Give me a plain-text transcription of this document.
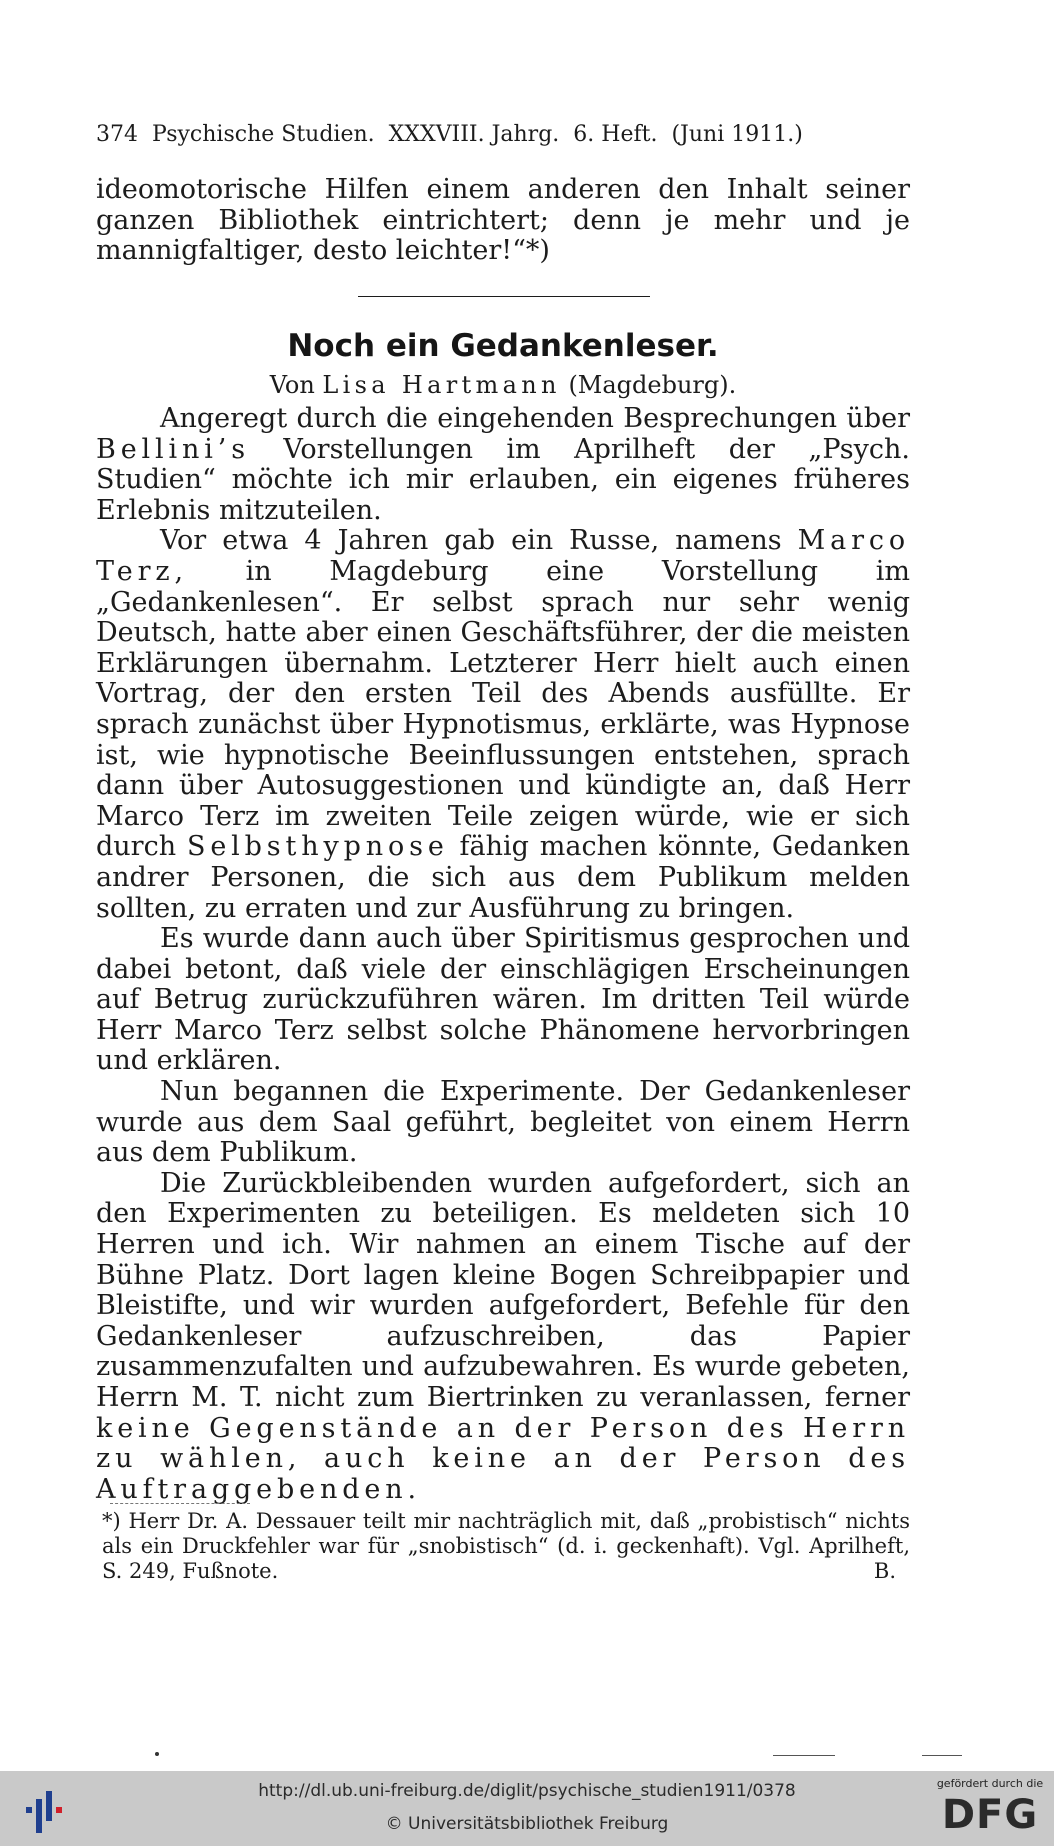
374 Psychische Studien. XXXVIII. Jahrg. 6. Heft. (Juni 1911.)

ideomotorische Hilfen einem anderen den Inhalt seiner ganzen Bibliothek eintrichtert; denn je mehr und je mannigfaltiger, desto leichter!“*)

Noch ein Gedankenleser.
Von Lisa Hartmann (Magdeburg).

Angeregt durch die eingehenden Besprechungen über Bellini’s Vorstellungen im Aprilheft der „Psych. Studien“ möchte ich mir erlauben, ein eigenes früheres Erlebnis mitzuteilen.

Vor etwa 4 Jahren gab ein Russe, namens Marco Terz, in Magdeburg eine Vorstellung im „Gedankenlesen“. Er selbst sprach nur sehr wenig Deutsch, hatte aber einen Geschäftsführer, der die meisten Erklärungen übernahm. Letzterer Herr hielt auch einen Vortrag, der den ersten Teil des Abends ausfüllte. Er sprach zunächst über Hypnotismus, erklärte, was Hypnose ist, wie hypnotische Beeinflussungen entstehen, sprach dann über Autosuggestionen und kündigte an, daß Herr Marco Terz im zweiten Teile zeigen würde, wie er sich durch Selbsthypnose fähig machen könnte, Gedanken andrer Personen, die sich aus dem Publikum melden sollten, zu erraten und zur Ausführung zu bringen.

Es wurde dann auch über Spiritismus gesprochen und dabei betont, daß viele der einschlägigen Erscheinungen auf Betrug zurückzuführen wären. Im dritten Teil würde Herr Marco Terz selbst solche Phänomene hervorbringen und erklären.

Nun begannen die Experimente. Der Gedankenleser wurde aus dem Saal geführt, begleitet von einem Herrn aus dem Publikum.

Die Zurückbleibenden wurden aufgefordert, sich an den Experimenten zu beteiligen. Es meldeten sich 10 Herren und ich. Wir nahmen an einem Tische auf der Bühne Platz. Dort lagen kleine Bogen Schreibpapier und Bleistifte, und wir wurden aufgefordert, Befehle für den Gedankenleser aufzuschreiben, das Papier zusammenzufalten und aufzubewahren. Es wurde gebeten, Herrn M. T. nicht zum Biertrinken zu veranlassen, ferner keine Gegenstände an der Person des Herrn zu wählen, auch keine an der Person des Auftraggebenden.

*) Herr Dr. A. Dessauer teilt mir nachträglich mit, daß „probistisch“ nichts als ein Druckfehler war für „snobistisch“ (d. i. geckenhaft). Vgl. Aprilheft, S. 249, Fußnote.	B.
http://dl.ub.uni-freiburg.de/diglit/psychische_studien1911/0378
© Universitätsbibliothek Freiburg
gefördert durch die
DFG
